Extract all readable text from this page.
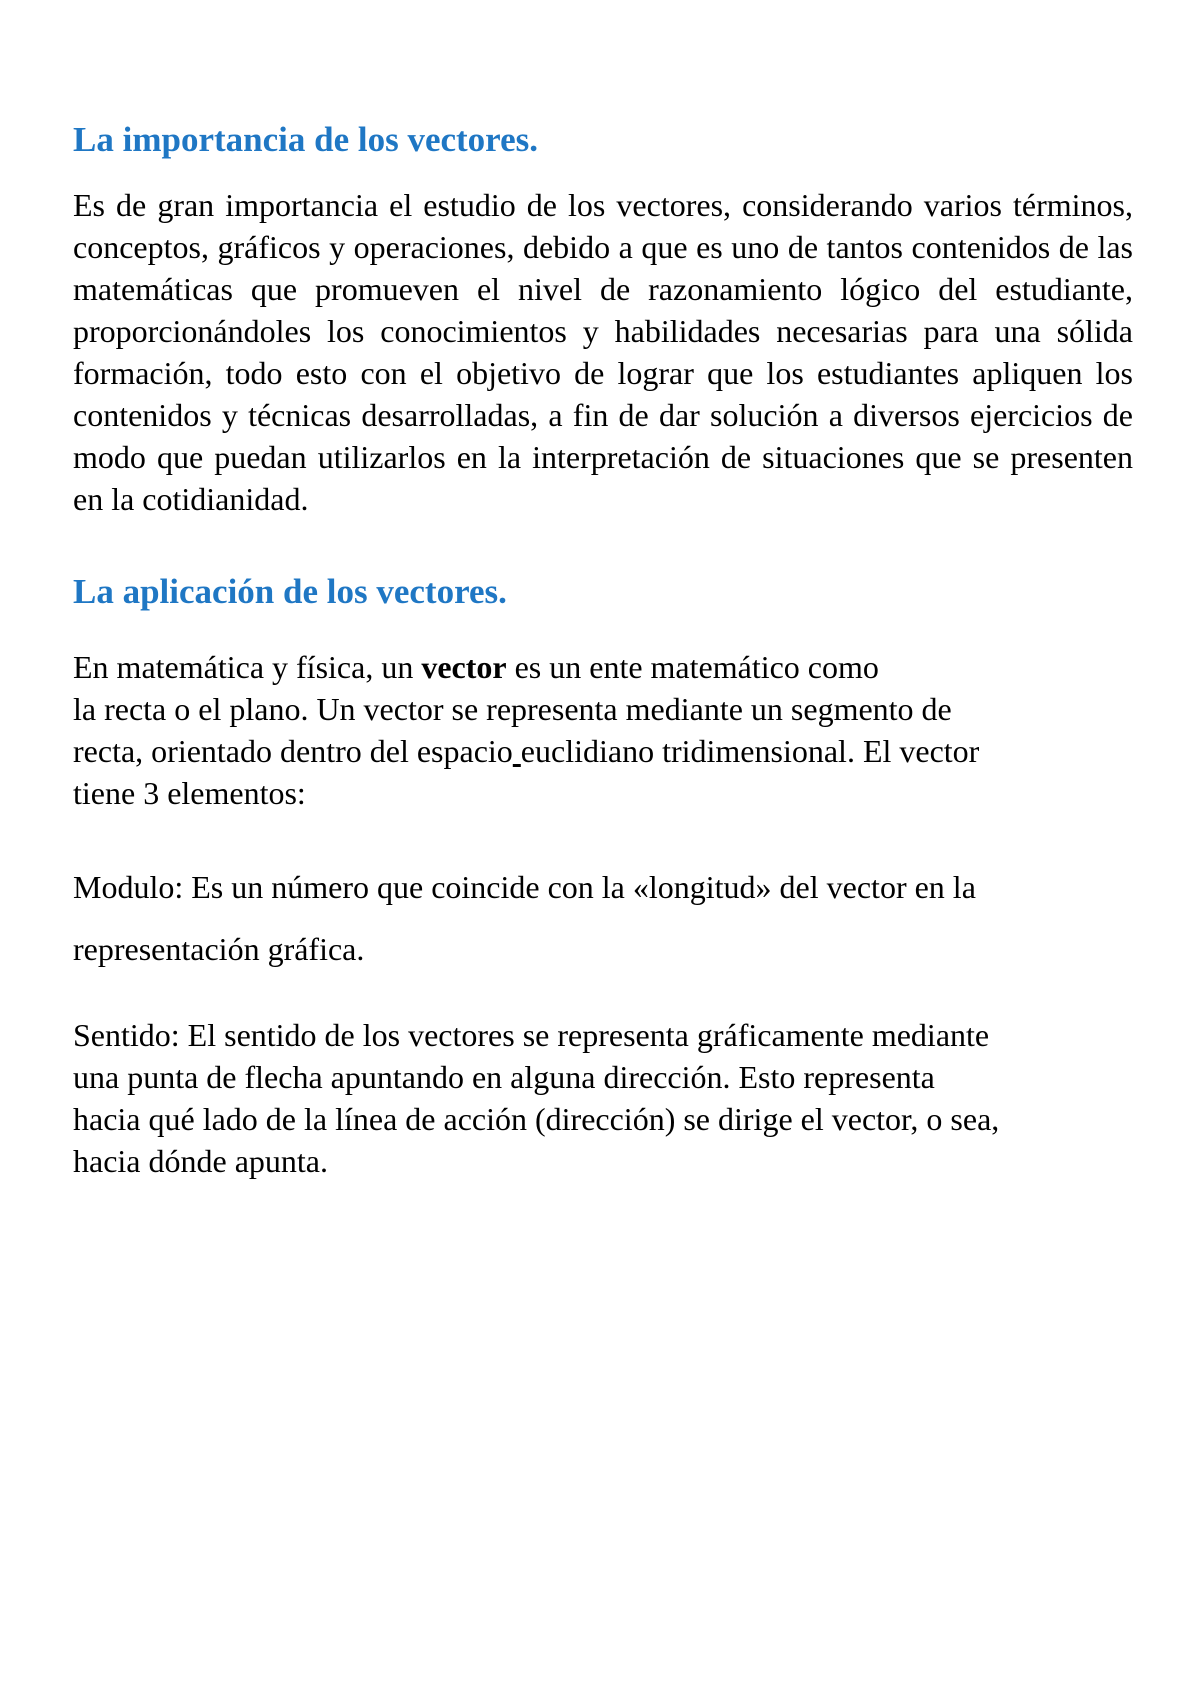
La importancia de los vectores.

Es de gran importancia el estudio de los vectores, considerando varios términos, conceptos, gráficos y operaciones, debido a que es uno de tantos contenidos de las matemáticas que promueven el nivel de razonamiento lógico del estudiante, proporcionándoles los conocimientos y habilidades necesarias para una sólida formación, todo esto con el objetivo de lograr que los estudiantes apliquen los contenidos y técnicas desarrolladas, a fin de dar solución a diversos ejercicios de modo que puedan utilizarlos en la interpretación de situaciones que se presenten en la cotidianidad.

La aplicación de los vectores.

En matemática y física, un vector es un ente matemático como
la recta o el plano. Un vector se representa mediante un segmento de
recta, orientado dentro del espacio euclidiano tridimensional. El vector
tiene 3 elementos:

Modulo: Es un número que coincide con la «longitud» del vector en la
representación gráfica.

Sentido: El sentido de los vectores se representa gráficamente mediante
una punta de flecha apuntando en alguna dirección. Esto representa
hacia qué lado de la línea de acción (dirección) se dirige el vector, o sea,
hacia dónde apunta.
